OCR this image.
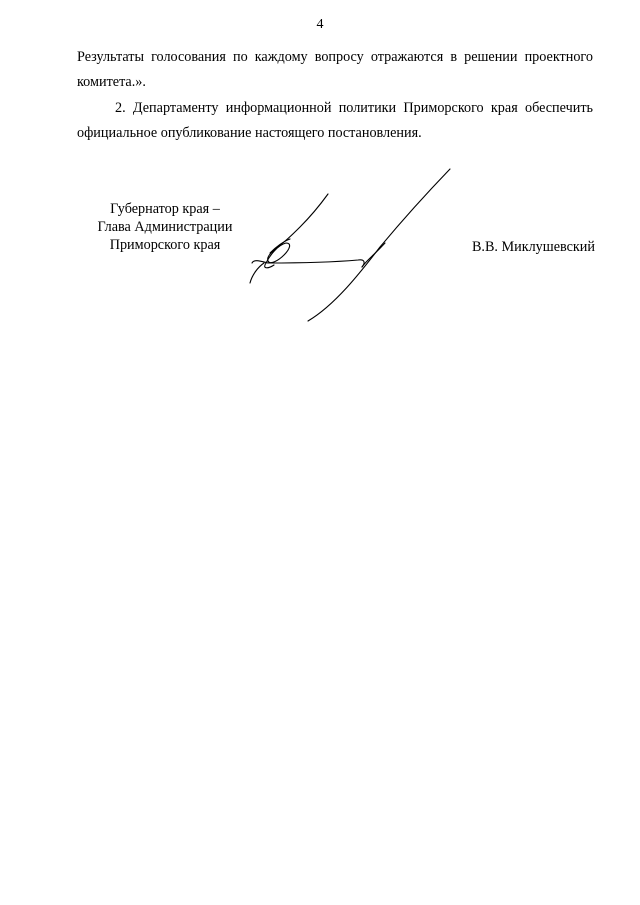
4

Результаты голосования по каждому вопросу отражаются в решении проектного комитета.».

2. Департаменту информационной политики Приморского края обеспечить официальное опубликование настоящего постановления.

Губернатор края –
Глава Администрации
Приморского края	В.В. Миклушевский
